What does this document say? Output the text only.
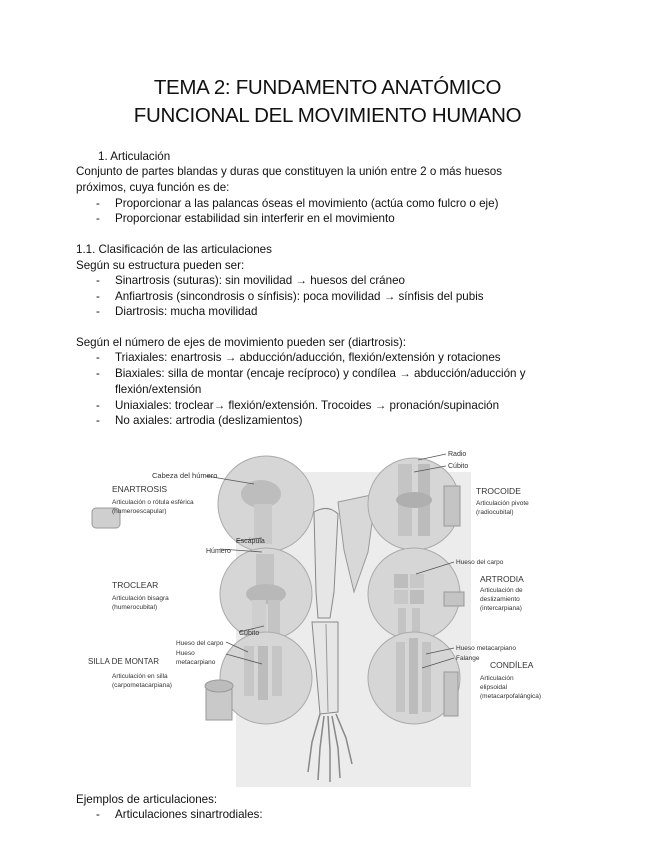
TEMA 2: FUNDAMENTO ANATÓMICO
FUNCIONAL DEL MOVIMIENTO HUMANO
1. Articulación
Conjunto de partes blandas y duras que constituyen la unión entre 2 o más huesos
próximos, cuya función es de:
- Proporcionar a las palancas óseas el movimiento (actúa como fulcro o eje)
- Proporcionar estabilidad sin interferir en el movimiento
1.1. Clasificación de las articulaciones
Según su estructura pueden ser:
- Sinartrosis (suturas): sin movilidad → huesos del cráneo
- Anfiartrosis (sincondrosis o sínfisis): poca movilidad → sínfisis del pubis
- Diartrosis: mucha movilidad
Según el número de ejes de movimiento pueden ser (diartrosis):
- Triaxiales: enartrosis → abducción/aducción, flexión/extensión y rotaciones
- Biaxiales: silla de montar (encaje recíproco) y condílea → abducción/aducción y
flexión/extensión
- Uniaxiales: troclear→ flexión/extensión. Trocoides → pronación/supinación
- No axiales: artrodia (deslizamientos)
Cabeza del húmero
ENARTROSIS
Articulación o rótula esférica
(humeroescapular)
Escápula
Húmero
TROCLEAR
Articulación bisagra
(humerocubital)
Cúbito
Hueso del carpo
Hueso
metacarpiano
SILLA DE MONTAR
Articulación en silla
(carpometacarpiana)
Radio
Cúbito
TROCOIDE
Articulación pivote
(radiocubital)
Hueso del carpo
ARTRODIA
Articulación de
deslizamiento
(intercarpiana)
Hueso metacarpiano
Falange
CONDÍLEA
Articulación
elipsoidal
(metacarpofalángica)
Ejemplos de articulaciones:
- Articulaciones sinartrodiales:
